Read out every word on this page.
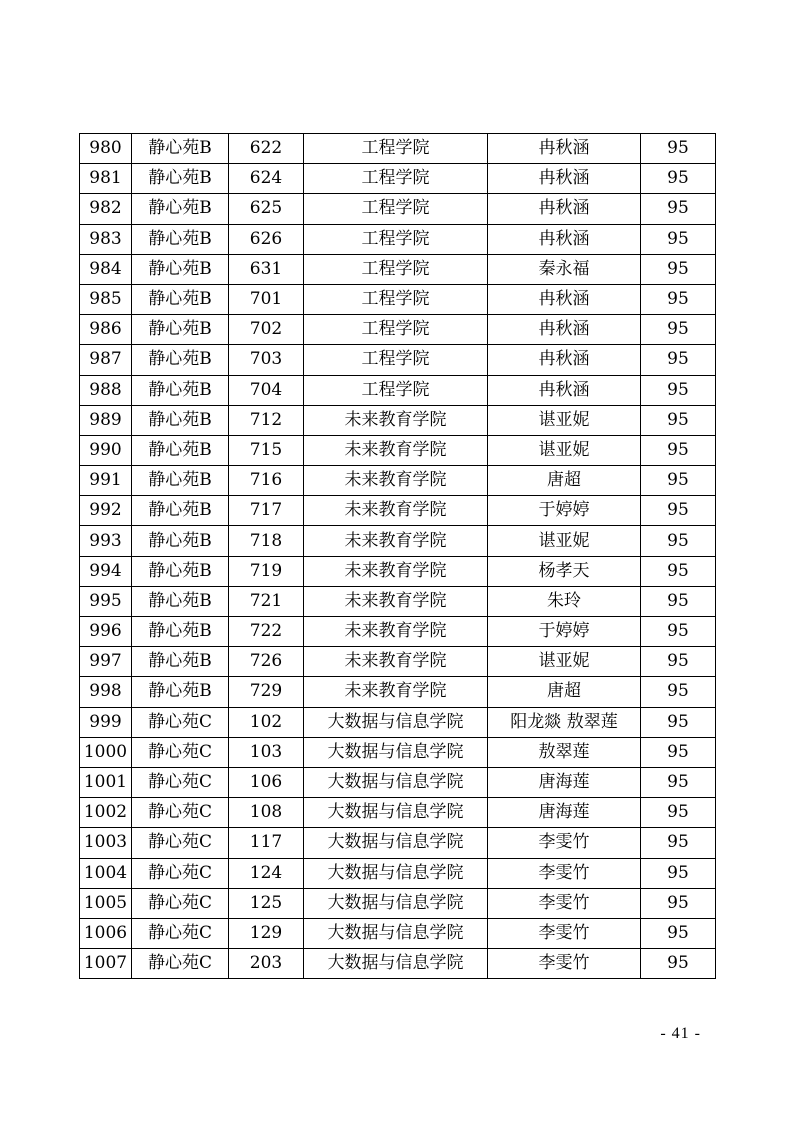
980	静心苑B	622	工程学院	冉秋涵	95
981	静心苑B	624	工程学院	冉秋涵	95
982	静心苑B	625	工程学院	冉秋涵	95
983	静心苑B	626	工程学院	冉秋涵	95
984	静心苑B	631	工程学院	秦永福	95
985	静心苑B	701	工程学院	冉秋涵	95
986	静心苑B	702	工程学院	冉秋涵	95
987	静心苑B	703	工程学院	冉秋涵	95
988	静心苑B	704	工程学院	冉秋涵	95
989	静心苑B	712	未来教育学院	谌亚妮	95
990	静心苑B	715	未来教育学院	谌亚妮	95
991	静心苑B	716	未来教育学院	唐超	95
992	静心苑B	717	未来教育学院	于婷婷	95
993	静心苑B	718	未来教育学院	谌亚妮	95
994	静心苑B	719	未来教育学院	杨孝天	95
995	静心苑B	721	未来教育学院	朱玲	95
996	静心苑B	722	未来教育学院	于婷婷	95
997	静心苑B	726	未来教育学院	谌亚妮	95
998	静心苑B	729	未来教育学院	唐超	95
999	静心苑C	102	大数据与信息学院	阳龙燚 敖翠莲	95
1000	静心苑C	103	大数据与信息学院	敖翠莲	95
1001	静心苑C	106	大数据与信息学院	唐海莲	95
1002	静心苑C	108	大数据与信息学院	唐海莲	95
1003	静心苑C	117	大数据与信息学院	李雯竹	95
1004	静心苑C	124	大数据与信息学院	李雯竹	95
1005	静心苑C	125	大数据与信息学院	李雯竹	95
1006	静心苑C	129	大数据与信息学院	李雯竹	95
1007	静心苑C	203	大数据与信息学院	李雯竹	95
- 41 -
